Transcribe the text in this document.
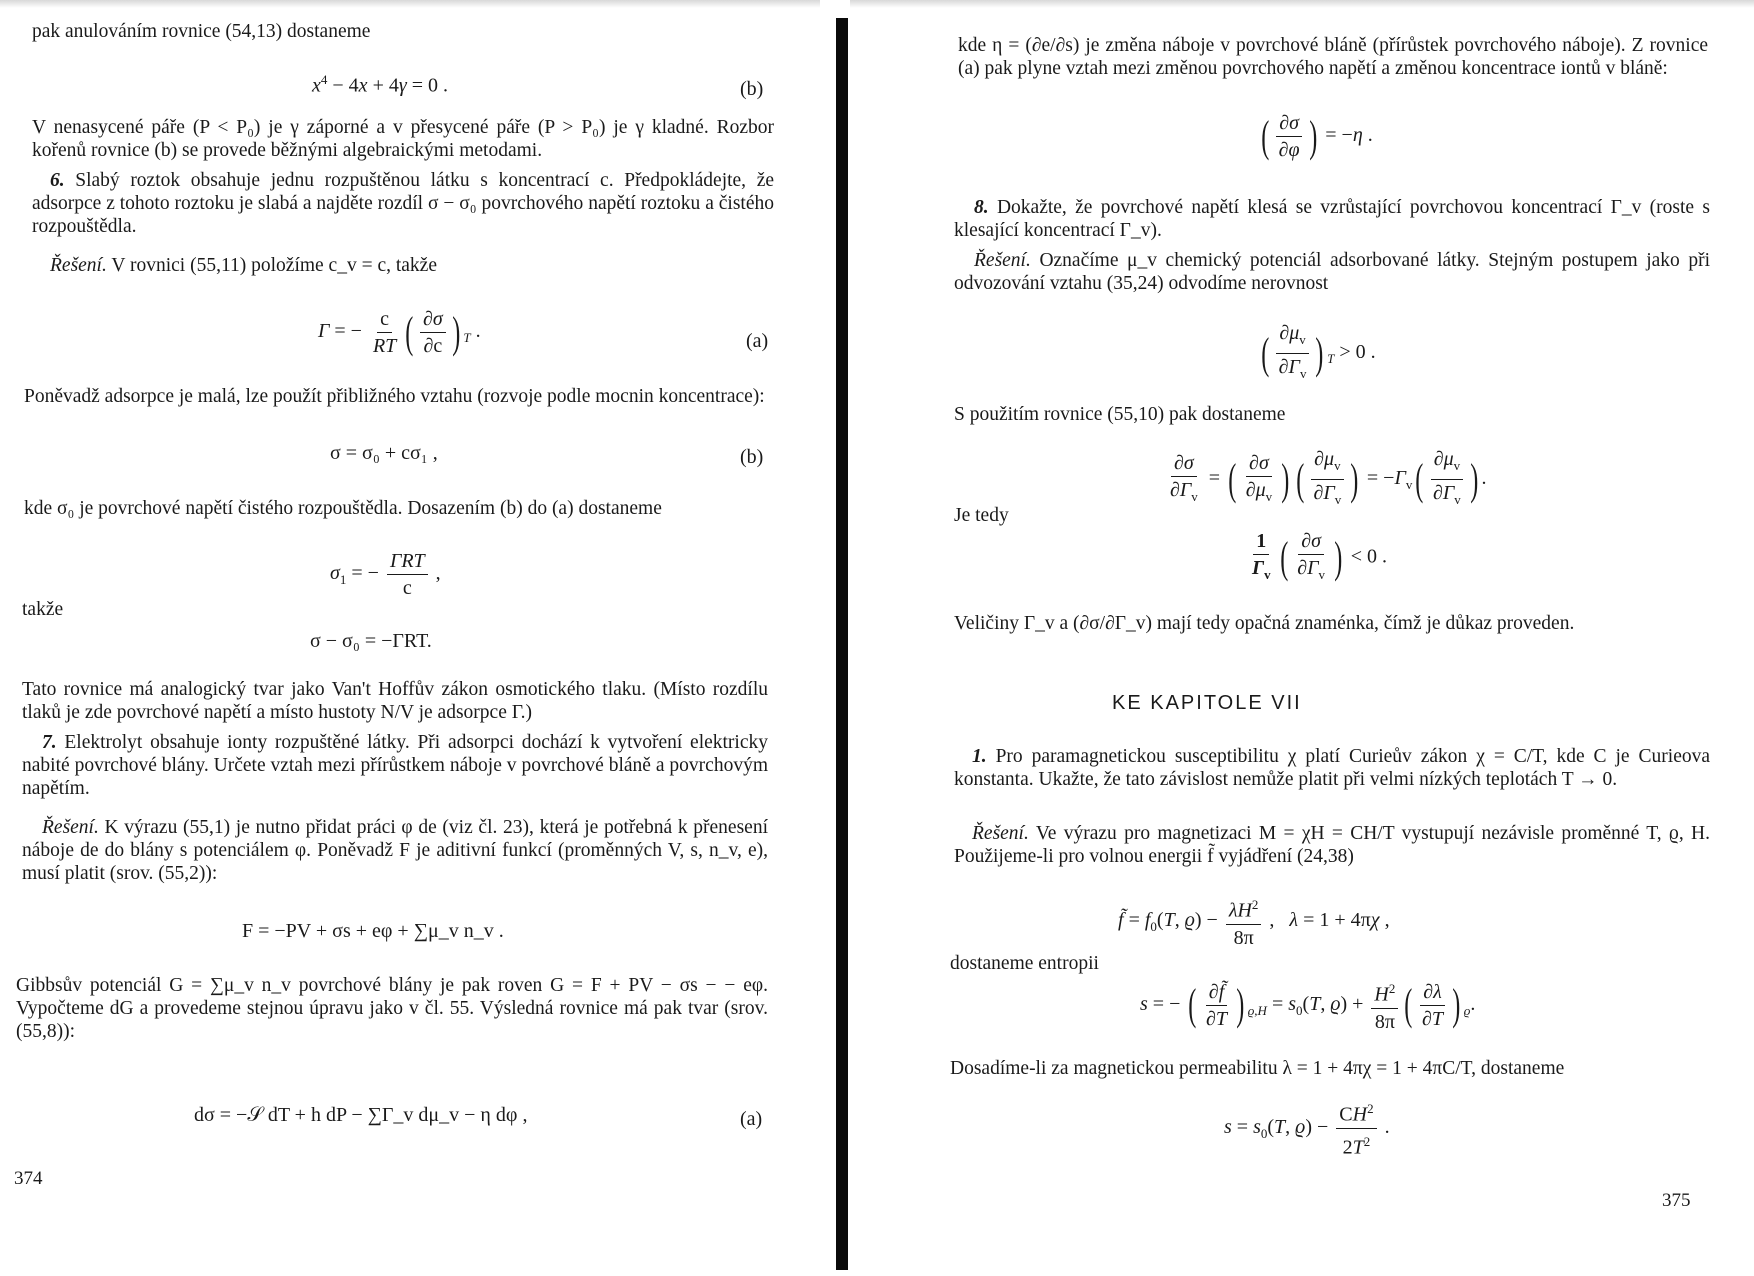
pak anulováním rovnice (54,13) dostaneme

$x^4 - 4x + 4\gamma = 0$ .	(b)

V nenasycené páře (P < P₀) je γ záporné a v přesycené páře (P > P₀) je γ kladné. Rozbor kořenů rovnice (b) se provede běžnými algebraickými metodami.

6. Slabý roztok obsahuje jednu rozpuštěnou látku s koncentrací c. Předpokládejte, že adsorpce z tohoto roztoku je slabá a najděte rozdíl σ − σ₀ povrchového napětí roztoku a čistého rozpouštědla.

Řešení. V rovnici (55,11) položíme c_v = c, takže

Γ = − $\frac{c}{RT}$ ( $\frac{\partial\sigma}{\partial c}$ ) $_T$ .	(a)

Poněvadž adsorpce je malá, lze použít přibližného vztahu (rozvoje podle mocnin koncentrace):

σ = σ₀ + cσ₁ ,	(b)

kde σ₀ je povrchové napětí čistého rozpouštědla. Dosazením (b) do (a) dostaneme

$\sigma_1$ = − $\frac{\text{ΓRT}}{c}$ ,

takže

σ − σ₀ = −ΓRT.

Tato rovnice má analogický tvar jako Van't Hoffův zákon osmotického tlaku. (Místo rozdílu tlaků je zde povrchové napětí a místo hustoty N/V je adsorpce Γ.)

7. Elektrolyt obsahuje ionty rozpuštěné látky. Při adsorpci dochází k vytvoření elektricky nabité povrchové blány. Určete vztah mezi přírůstkem náboje v povrchové bláně a povrchovým napětím.

Řešení. K výrazu (55,1) je nutno přidat práci φ de (viz čl. 23), která je potřebná k přenesení náboje de do blány s potenciálem φ. Poněvadž F je aditivní funkcí (proměnných V, s, n_v, e), musí platit (srov. (55,2)):

F = −PV + σs + eφ + ∑μ_v n_v .

Gibbsův potenciál G = ∑μ_v n_v povrchové blány je pak roven G = F + PV − σs − − eφ. Vypočteme dG a provedeme stejnou úpravu jako v čl. 55. Výsledná rovnice má pak tvar (srov. (55,8)):

dσ = −𝒮 dT + h dP − ∑Γ_v dμ_v − η dφ ,	(a)
374

kde η = (∂e/∂s) je změna náboje v povrchové bláně (přírůstek povrchového náboje). Z rovnice (a) pak plyne vztah mezi změnou povrchového napětí a změnou koncentrace iontů v bláně:

( $\frac{\partial\sigma}{\partial\varphi}$ ) = −η .

8. Dokažte, že povrchové napětí klesá se vzrůstající povrchovou koncentrací Γ_v (roste s klesající koncentrací Γ_v).

Řešení. Označíme μ_v chemický potenciál adsorbované látky. Stejným postupem jako při odvozování vztahu (35,24) odvodíme nerovnost

( $\frac{\partial\mu_v}{\partial\Gamma_v}$ ) $_T$ > 0 .

S použitím rovnice (55,10) pak dostaneme

$\frac{\partial\sigma}{\partial\Gamma_v}$ = ( $\frac{\partial\sigma}{\partial\mu_v}$ ) ( $\frac{\partial\mu_v}{\partial\Gamma_v}$ ) = $-\Gamma_v( \frac{\partial\mu_v}{\partial\Gamma_v}$ ) .

Je tedy

$\frac{1}{\Gamma_v}$ ( $\frac{\partial\sigma}{\partial\Gamma_v}$ ) < 0 .

Veličiny Γ_v a (∂σ/∂Γ_v) mají tedy opačná znaménka, čímž je důkaz proveden.

KE KAPITOLE VII

1. Pro paramagnetickou susceptibilitu χ platí Curieův zákon χ = C/T, kde C je Curieova konstanta. Ukažte, že tato závislost nemůže platit při velmi nízkých teplotách T → 0.

Řešení. Ve výrazu pro magnetizaci M = χH = CH/T vystupují nezávisle proměnné T, ϱ, H. Použijeme-li pro volnou energii f̃ vyjádření (24,38)

f̃ = $f_0(T$, $ϱ) - \frac{\lambda H^2}{8\pi}$ ,   λ = 1 + 4πχ ,

dostaneme entropii

s = − ( $\frac{\partial f̃}{\partial T}$ ) $_{ϱ,H} = s_0(T$, $ϱ) + \frac{H^2}{8\pi}$ ( $\frac{\partial\lambda}{\partial T}$ ) $_ϱ$.

Dosadíme-li za magnetickou permeabilitu λ = 1 + 4πχ = 1 + 4πC/T, dostaneme

$s = s_0(T$, $ϱ) - \frac{CH^2}{2T^2}$ .
375
